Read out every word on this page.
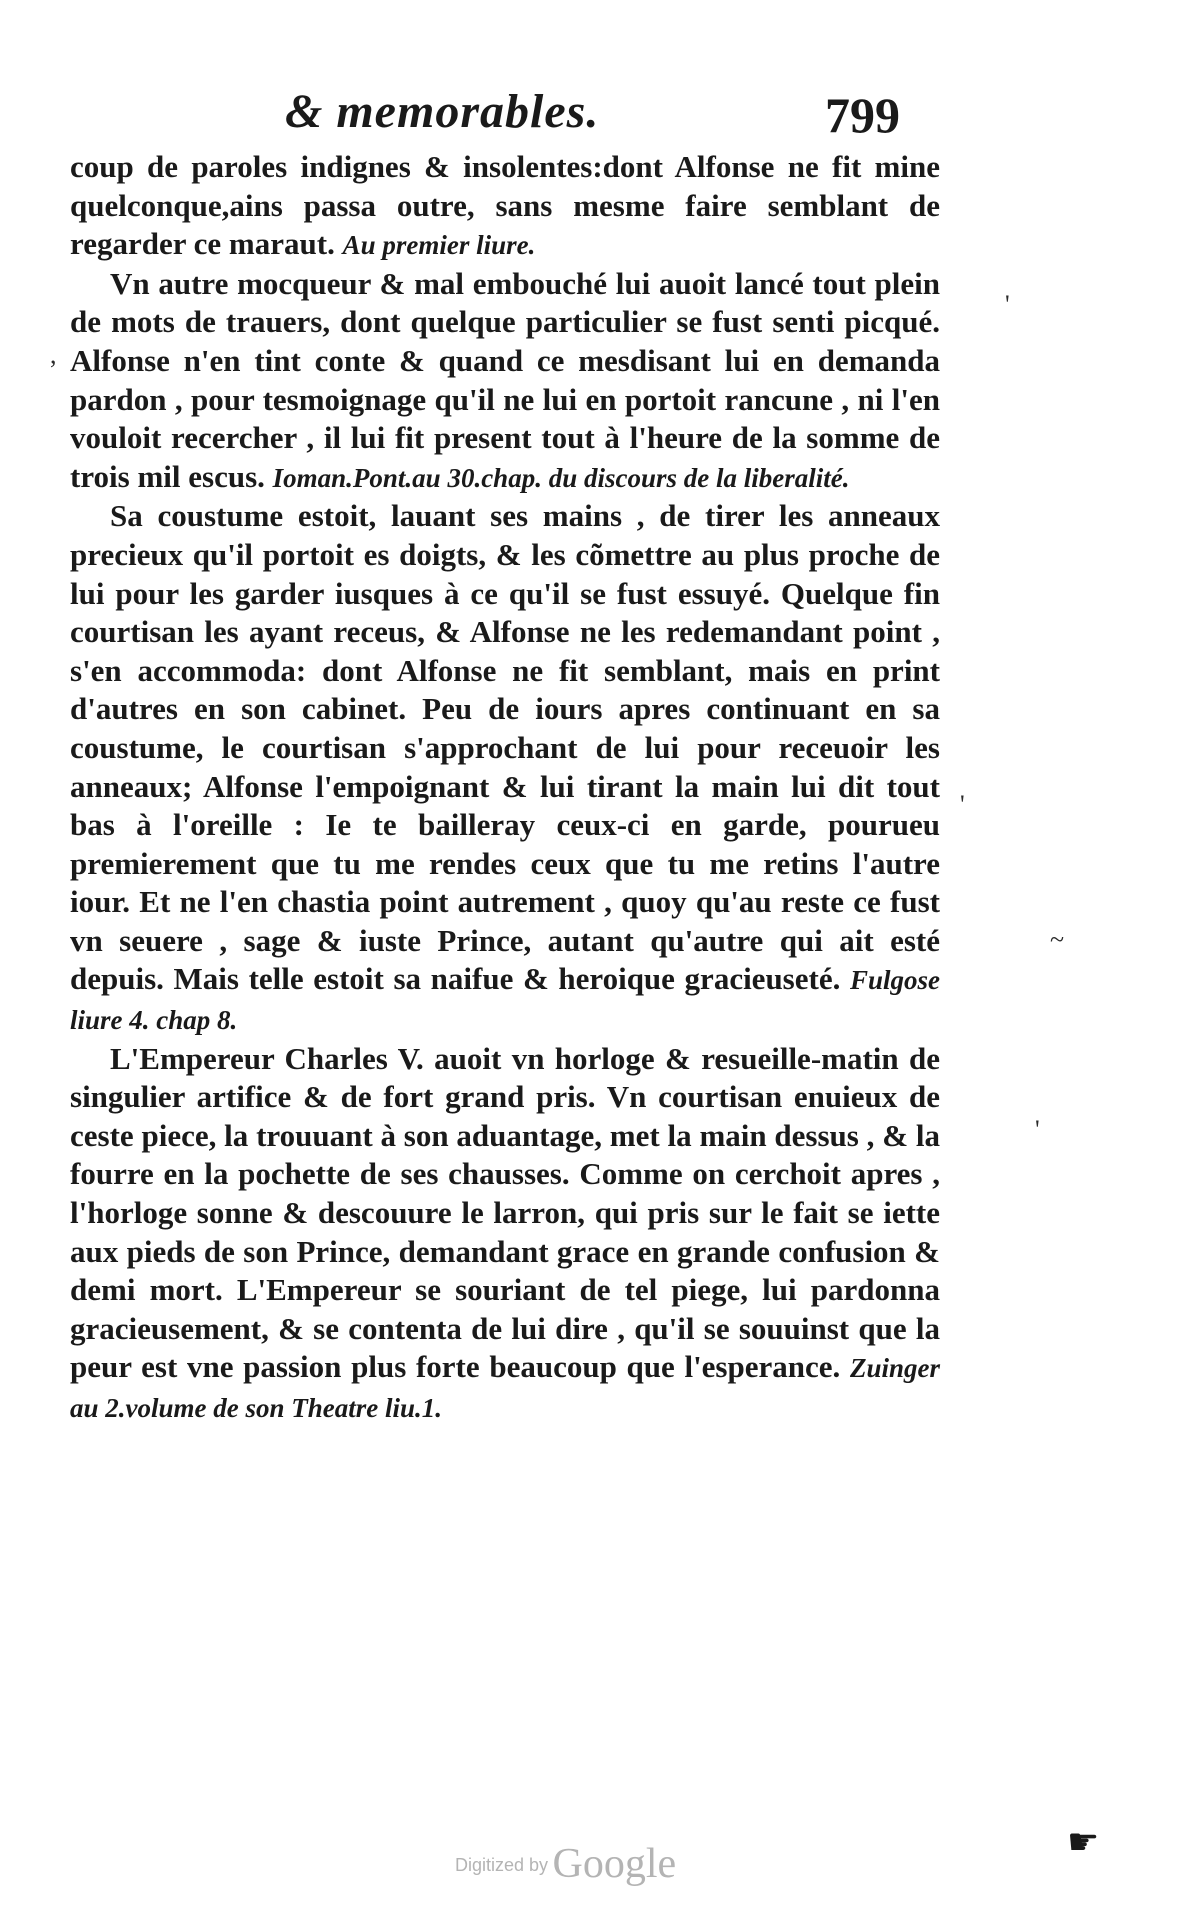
& memorables.	799

coup de paroles indignes & insolentes:dont Alfonse ne fit mine quelconque,ains passa outre, sans mesme faire semblant de regarder ce maraut. Au premier liure.

Vn autre mocqueur & mal embouché lui auoit lancé tout plein de mots de trauers, dont quelque particulier se fust senti picqué. Alfonse n'en tint conte & quand ce mesdisant lui en demanda pardon , pour tesmoignage qu'il ne lui en portoit rancune , ni l'en vouloit recercher , il lui fit present tout à l'heure de la somme de trois mil escus. Ioman.Pont.au 30.chap. du discours de la liberalité.

Sa coustume estoit, lauant ses mains , de tirer les anneaux precieux qu'il portoit es doigts, & les cõmettre au plus proche de lui pour les garder iusques à ce qu'il se fust essuyé. Quelque fin courtisan les ayant receus, & Alfonse ne les redemandant point , s'en accommoda: dont Alfonse ne fit semblant, mais en print d'autres en son cabinet. Peu de iours apres continuant en sa coustume, le courtisan s'approchant de lui pour receuoir les anneaux; Alfonse l'empoignant & lui tirant la main lui dit tout bas à l'oreille : Ie te bailleray ceux-ci en garde, pourueu premierement que tu me rendes ceux que tu me retins l'autre iour. Et ne l'en chastia point autrement , quoy qu'au reste ce fust vn seuere , sage & iuste Prince, autant qu'autre qui ait esté depuis. Mais telle estoit sa naifue & heroique gracieuseté. Fulgose liure 4. chap 8.

L'Empereur Charles V. auoit vn horloge & resueille-matin de singulier artifice & de fort grand pris. Vn courtisan enuieux de ceste piece, la trouuant à son aduantage, met la main dessus , & la fourre en la pochette de ses chausses. Comme on cerchoit apres , l'horloge sonne & descouure le larron, qui pris sur le fait se iette aux pieds de son Prince, demandant grace en grande confusion & demi mort. L'Empereur se souriant de tel piege, lui pardonna gracieusement, & se contenta de lui dire , qu'il se souuinst que la peur est vne passion plus forte beaucoup que l'esperance. Zuinger au 2.volume de son Theatre liu.1.

'
,
'
~
'
☛
Digitized by Google
